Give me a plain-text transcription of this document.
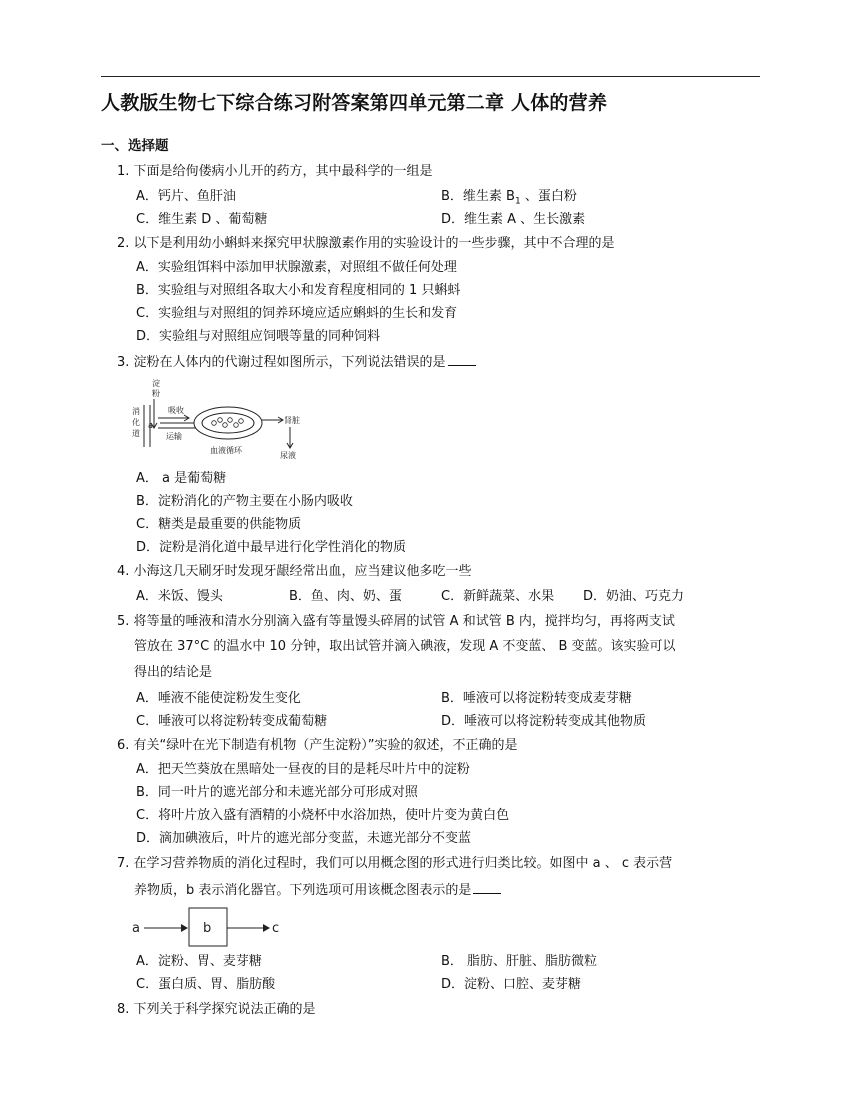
人教版生物七下综合练习附答案第四单元第二章 人体的营养
一、选择题
1. 下面是给佝偻病小儿开的药方，其中最科学的一组是
A．钙片、鱼肝油	B．维生素 $B_1$ 、蛋白粉
C．维生素 D 、葡萄糖	D．维生素 A 、生长激素
2. 以下是利用幼小蝌蚪来探究甲状腺激素作用的实验设计的一些步骤，其中不合理的是
A．实验组饵料中添加甲状腺激素，对照组不做任何处理
B．实验组与对照组各取大小和发育程度相同的 1 只蝌蚪
C．实验组与对照组的饲养环境应适应蝌蚪的生长和发育
D．实验组与对照组应饲喂等量的同种饲料
3. 淀粉在人体内的代谢过程如图所示，下列说法错误的是
淀
粉
消
化
道
a
吸收
运输
肾脏
尿液
血液循环
A． a 是葡萄糖
B．淀粉消化的产物主要在小肠内吸收
C．糖类是最重要的供能物质
D．淀粉是消化道中最早进行化学性消化的物质
4. 小海这几天刷牙时发现牙龈经常出血，应当建议他多吃一些
A．米饭、馒头	B．鱼、肉、奶、蛋	C．新鲜蔬菜、水果 D．奶油、巧克力
5. 将等量的唾液和清水分别滴入盛有等量馒头碎屑的试管 A 和试管 B 内，搅拌均匀，再将两支试
管放在 37°C 的温水中 10 分钟，取出试管并滴入碘液，发现 A 不变蓝、 B 变蓝。该实验可以
得出的结论是
A．唾液不能使淀粉发生变化	B．唾液可以将淀粉转变成麦芽糖
C．唾液可以将淀粉转变成葡萄糖	D．唾液可以将淀粉转变成其他物质
6. 有关“绿叶在光下制造有机物（产生淀粉）”实验的叙述，不正确的是
A．把天竺葵放在黑暗处一昼夜的目的是耗尽叶片中的淀粉
B．同一叶片的遮光部分和未遮光部分可形成对照
C．将叶片放入盛有酒精的小烧杯中水浴加热，使叶片变为黄白色
D．滴加碘液后，叶片的遮光部分变蓝，未遮光部分不变蓝
7. 在学习营养物质的消化过程时，我们可以用概念图的形式进行归类比较。如图中 a 、 c 表示营
养物质，b 表示消化器官。下列选项可用该概念图表示的是
a	b	c
A．淀粉、胃、麦芽糖	B． 脂肪、肝脏、脂肪微粒
C．蛋白质、胃、脂肪酸	D．淀粉、口腔、麦芽糖
8. 下列关于科学探究说法正确的是
